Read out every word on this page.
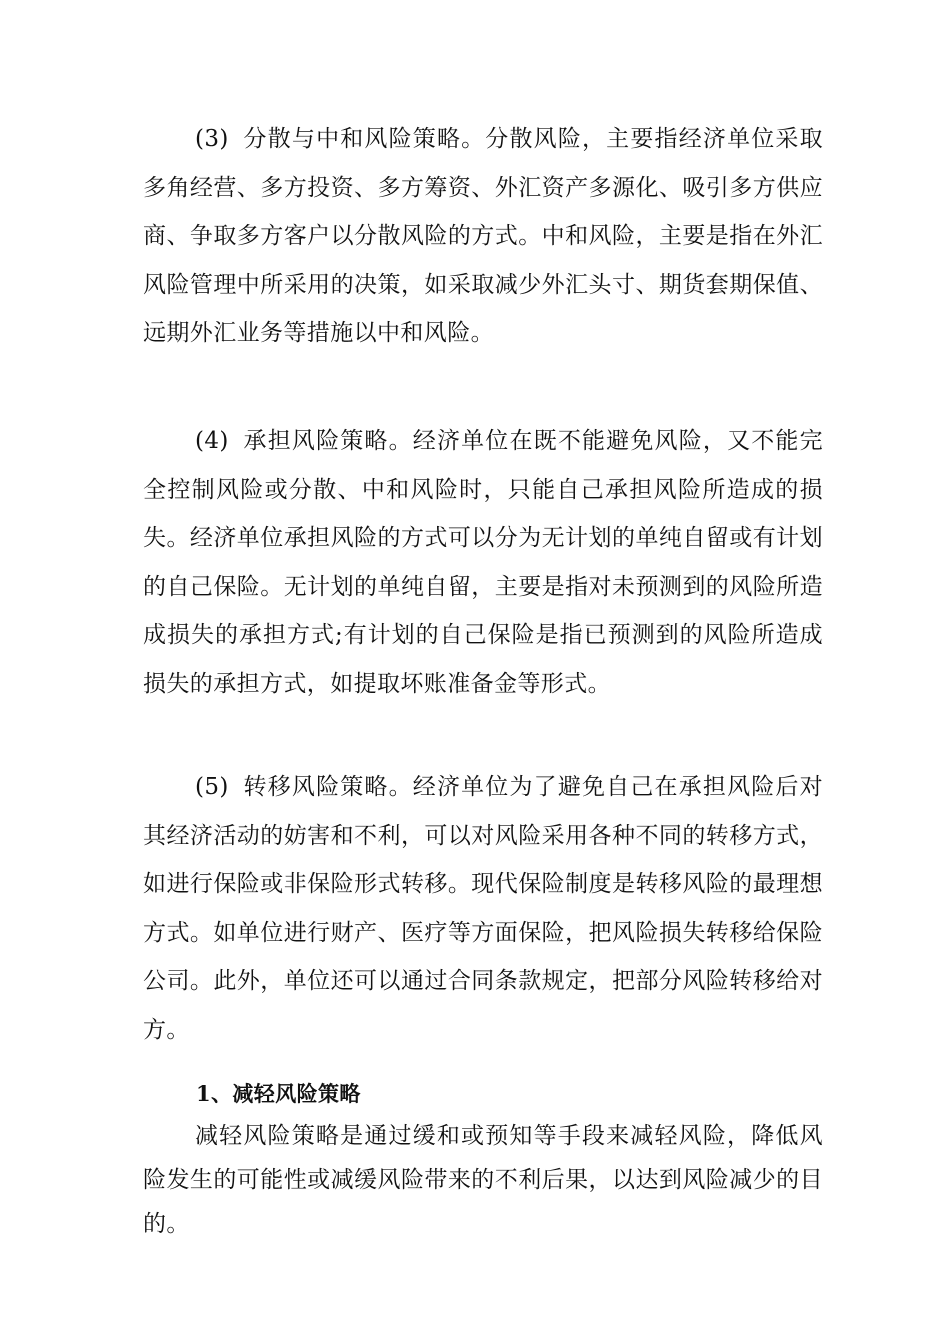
(3) 分散与中和风险策略。分散风险，主要指经济单位采取多角经营、多方投资、多方筹资、外汇资产多源化、吸引多方供应商、争取多方客户以分散风险的方式。中和风险，主要是指在外汇风险管理中所采用的决策，如采取减少外汇头寸、期货套期保值、远期外汇业务等措施以中和风险。

(4) 承担风险策略。经济单位在既不能避免风险，又不能完全控制风险或分散、中和风险时，只能自己承担风险所造成的损失。经济单位承担风险的方式可以分为无计划的单纯自留或有计划的自己保险。无计划的单纯自留，主要是指对未预测到的风险所造成损失的承担方式;有计划的自己保险是指已预测到的风险所造成损失的承担方式，如提取坏账准备金等形式。

(5) 转移风险策略。经济单位为了避免自己在承担风险后对其经济活动的妨害和不利，可以对风险采用各种不同的转移方式，如进行保险或非保险形式转移。现代保险制度是转移风险的最理想方式。如单位进行财产、医疗等方面保险，把风险损失转移给保险公司。此外，单位还可以通过合同条款规定，把部分风险转移给对方。

1、减轻风险策略

减轻风险策略是通过缓和或预知等手段来减轻风险，降低风险发生的可能性或减缓风险带来的不利后果，以达到风险减少的目的。
